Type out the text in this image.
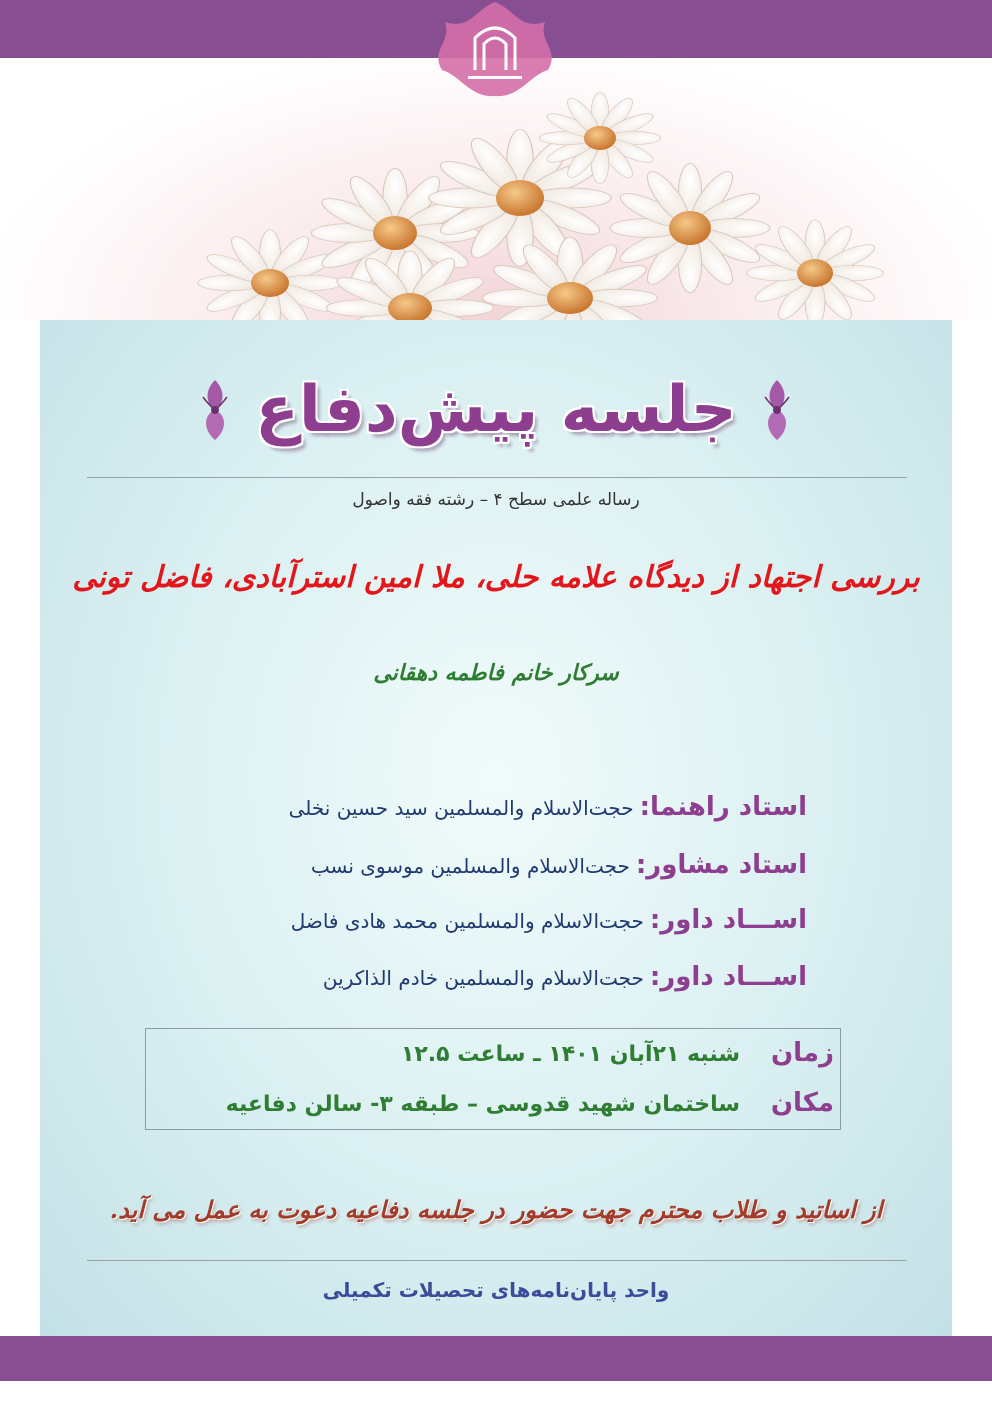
جلسه پیش‌دفاع
رساله علمی سطح ۴ – رشته فقه واصول
بررسی اجتهاد از دیدگاه علامه حلی، ملا امین استرآبادی، فاضل تونی
سرکار خانم فاطمه دهقانی
استاد راهنما:
حجت‌الاسلام والمسلمین سید حسین نخلی
استاد مشاور:
حجت‌الاسلام والمسلمین موسوی نسب
اســـاد داور:
حجت‌الاسلام والمسلمین محمد هادی فاضل
اســـاد داور:
حجت‌الاسلام والمسلمین خادم الذاکرین
زمان
شنبه ۲۱آبان ۱۴۰۱ ـ ساعت ۱۲.۵
مکان
ساختمان شهید قدوسی – طبقه ۳- سالن دفاعیه
از اساتید و طلاب محترم جهت حضور در جلسه دفاعیه دعوت به عمل می آید.
واحد پایان‌نامه‌های تحصیلات تکمیلی
